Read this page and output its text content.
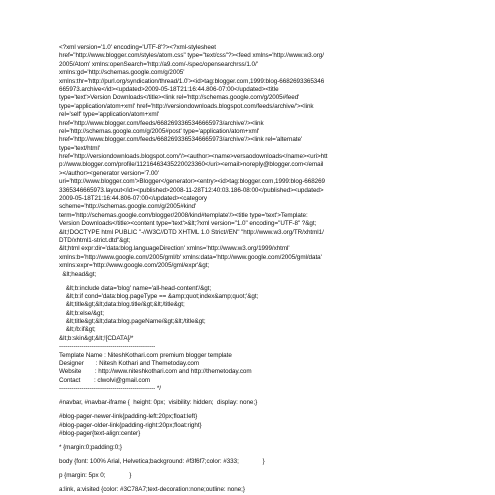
<?xml version='1.0' encoding='UTF-8'?><?xml-stylesheet
href="http://www.blogger.com/styles/atom.css" type="text/css"?><feed xmlns='http://www.w3.org/
2005/Atom' xmlns:openSearch='http://a9.com/-/spec/opensearchrss/1.0/'
xmlns:gd='http://schemas.google.com/g/2005'
xmlns:thr='http://purl.org/syndication/thread/1.0'><id>tag:blogger.com,1999:blog-6682693365346
665973.archive</id><updated>2009-05-18T21:16:44.806-07:00</updated><title
type='text'>Version Downloads</title><link rel='http://schemas.google.com/g/2005#feed'
type='application/atom+xml' href='http://versiondownloads.blogspot.com/feeds/archive/'><link
rel='self' type='application/atom+xml'
href='http://www.blogger.com/feeds/6682693365346665973/archive'/><link
rel='http://schemas.google.com/g/2005#post' type='application/atom+xml'
href='http://www.blogger.com/feeds/6682693365346665973/archive'/><link rel='alternate'
type='text/html'
href='http://versiondownloads.blogspot.com/'/><author><name>versaodownloads</name><uri>htt
p://www.blogger.com/profile/11216463435220023360</uri><email>noreply@blogger.com</email
></author><generator version='7.00'
uri='http://www.blogger.com'>Blogger</generator><entry><id>tag:blogger.com,1999:blog-668269
3365346665973.layout</id><published>2008-11-28T12:40:03.186-08:00</published><updated>
2009-05-18T21:16:44.806-07:00</updated><category
scheme='http://schemas.google.com/g/2005#kind'
term='http://schemas.google.com/blogger/2008/kind#template'/><title type='text'>Template:
Version Downloads</title><content type='text'>&lt;?xml version="1.0" encoding="UTF-8" ?&gt;
&lt;!DOCTYPE html PUBLIC "-//W3C//DTD XHTML 1.0 Strict//EN" "http://www.w3.org/TR/xhtml1/
DTD/xhtml1-strict.dtd"&gt;
&lt;html expr:dir='data:blog.languageDirection' xmlns='http://www.w3.org/1999/xhtml'
xmlns:b='http://www.google.com/2005/gml/b' xmlns:data='http://www.google.com/2005/gml/data'
xmlns:expr='http://www.google.com/2005/gml/expr'&gt;
&lt;head&gt;
&lt;b:include data='blog' name='all-head-content'/&gt;
&lt;b:if cond='data:blog.pageType == &amp;quot;index&amp;quot;'&gt;
&lt;title&gt;&lt;data:blog.title/&gt;&lt;/title&gt;
&lt;b:else/&gt;
&lt;title&gt;&lt;data:blog.pageName/&gt;&lt;/title&gt;
&lt;/b:if&gt;
&lt;b:skin&gt;&lt;![CDATA[/*
-----------------------------------------------
Template Name : NiteshKothari.com premium blogger template
Designer       : Nitesh Kothari and Themetoday.com
Website        : http://www.niteshkothari.com and http://themetoday.com
Contact        : clwolvi@gmail.com
----------------------------------------------- */
#navbar, #navbar-iframe {  height: 0px;  visibility: hidden;  display: none;}
#blog-pager-newer-link{padding-left:20px;float:left}
#blog-pager-older-link{padding-right:20px;float:right}
#blog-pager{text-align:center}
* {margin:0;padding:0;}
body {font: 100% Arial, Helvetica;background: #f3f6f7;color: #333;              }
p {margin: 5px 0;              }
a:link, a:visited {color: #3C78A7;text-decoration:none;outline: none;}
